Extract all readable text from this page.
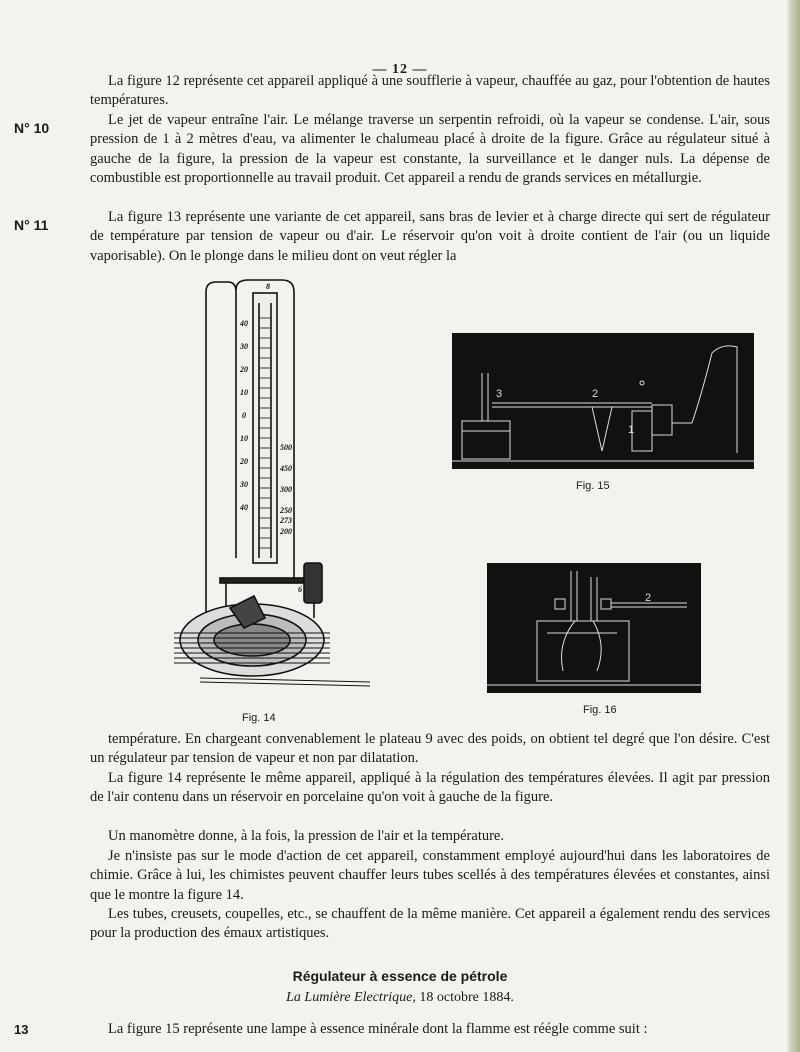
— 12 —

La figure 12 représente cet appareil appliqué à une soufflerie à vapeur, chauffée au gaz, pour l'obtention de hautes températures.

N° 10	Le jet de vapeur entraîne l'air. Le mélange traverse un serpentin refroidi, où la vapeur se condense. L'air, sous pression de 1 à 2 mètres d'eau, va alimenter le chalumeau placé à droite de la figure. Grâce au régulateur situé à gauche de la figure, la pression de la vapeur est constante, la surveillance et le danger nuls. La dépense de combustible est proportionnelle au travail produit. Cet appareil a rendu de grands services en métallurgie.

N° 11	La figure 13 représente une variante de cet appareil, sans bras de levier et à charge directe qui sert de régulateur de température par tension de vapeur ou d'air. Le réservoir qu'on voit à droite contient de l'air (ou un liquide vaporisable). On le plonge dans le milieu dont on veut régler la

40
30
20
10
0
10
20
30
40
500
450
300
250
273
200
8
6
Fig. 14
3	2
1
Fig. 15
2
Fig. 16

température. En chargeant convenablement le plateau 9 avec des poids, on obtient tel degré que l'on désire. C'est un régulateur par tension de vapeur et non par dilatation.

La figure 14 représente le même appareil, appliqué à la régulation des températures élevées. Il agit par pression de l'air contenu dans un réservoir en porcelaine qu'on voit à gauche de la figure.

Un manomètre donne, à la fois, la pression de l'air et la température.

Je n'insiste pas sur le mode d'action de cet appareil, constamment employé aujourd'hui dans les laboratoires de chimie. Grâce à lui, les chimistes peuvent chauffer leurs tubes scellés à des températures élevées et constantes, ainsi que le montre la figure 14.

Les tubes, creusets, coupelles, etc., se chauffent de la même manière. Cet appareil a également rendu des services pour la production des émaux artistiques.

Régulateur à essence de pétrole
La Lumière Electrique, 18 octobre 1884.
13	La figure 15 représente une lampe à essence minérale dont la flamme est réégle comme suit :
